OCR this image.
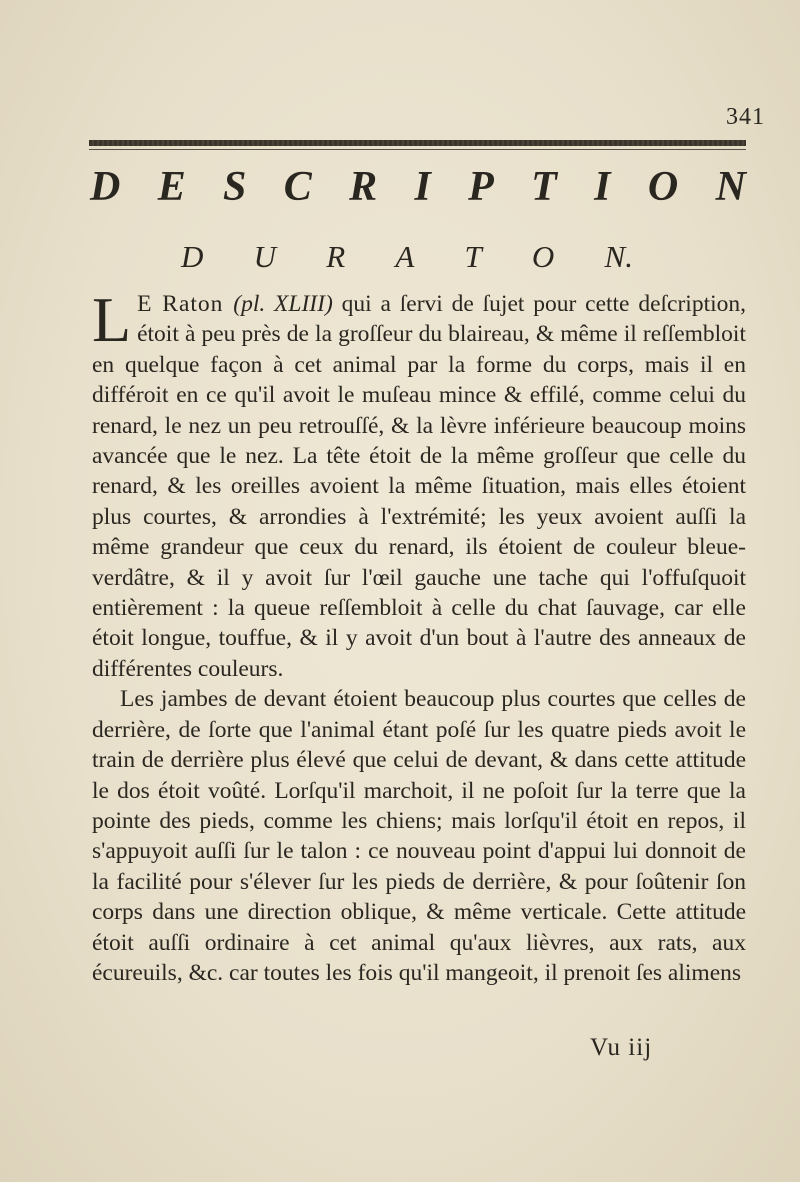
341
D E S C R I P T I O N
D U R A T O N.

L E Raton (pl. XLIII) qui a ſervi de ſujet pour cette deſcription, étoit à peu près de la groſſeur du blaireau, & même il reſſembloit en quelque façon à cet animal par la forme du corps, mais il en différoit en ce qu'il avoit le muſeau mince & effilé, comme celui du renard, le nez un peu retrouſſé, & la lèvre inférieure beaucoup moins avancée que le nez. La tête étoit de la même groſſeur que celle du renard, & les oreilles avoient la même ſituation, mais elles étoient plus courtes, & arrondies à l'extrémité; les yeux avoient auſſi la même grandeur que ceux du renard, ils étoient de couleur bleue-verdâtre, & il y avoit ſur l'œil gauche une tache qui l'offuſquoit entièrement : la queue reſſembloit à celle du chat ſauvage, car elle étoit longue, touffue, & il y avoit d'un bout à l'autre des anneaux de différentes couleurs.

Les jambes de devant étoient beaucoup plus courtes que celles de derrière, de ſorte que l'animal étant poſé ſur les quatre pieds avoit le train de derrière plus élevé que celui de devant, & dans cette attitude le dos étoit voûté. Lorſqu'il marchoit, il ne poſoit ſur la terre que la pointe des pieds, comme les chiens; mais lorſqu'il étoit en repos, il s'appuyoit auſſi ſur le talon : ce nouveau point d'appui lui donnoit de la facilité pour s'élever ſur les pieds de derrière, & pour ſoûtenir ſon corps dans une direction oblique, & même verticale. Cette attitude étoit auſſi ordinaire à cet animal qu'aux lièvres, aux rats, aux écureuils, &c. car toutes les fois qu'il mangeoit, il prenoit ſes alimens

Vu iij
